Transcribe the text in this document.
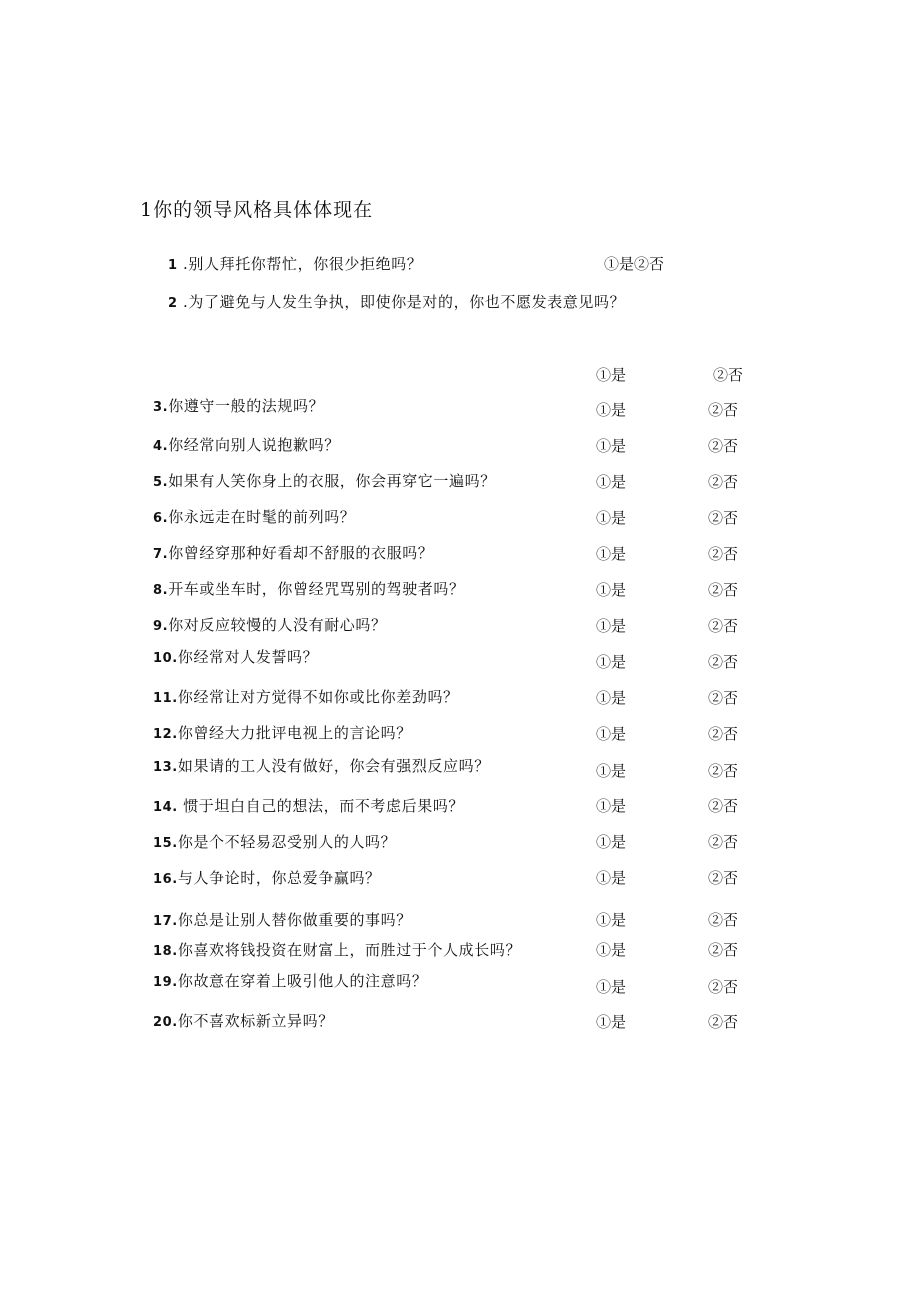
1你的领导风格具体体现在
1 .别人拜托你帮忙，你很少拒绝吗？	①是②否
2 .为了避免与人发生争执，即使你是对的，你也不愿发表意见吗？
①是	②否
3.你遵守一般的法规吗？	①是	②否
4.你经常向别人说抱歉吗？	①是	②否
5.如果有人笑你身上的衣服，你会再穿它一遍吗？	①是	②否
6.你永远走在时髦的前列吗？	①是	②否
7.你曾经穿那种好看却不舒服的衣服吗？	①是	②否
8.开车或坐车时，你曾经咒骂别的驾驶者吗？	①是	②否
9.你对反应较慢的人没有耐心吗？	①是	②否
10.你经常对人发誓吗？	①是	②否
11.你经常让对方觉得不如你或比你差劲吗？	①是	②否
12.你曾经大力批评电视上的言论吗？	①是	②否
13.如果请的工人没有做好，你会有强烈反应吗？	①是	②否
14. 惯于坦白自己的想法，而不考虑后果吗？	①是	②否
15.你是个不轻易忍受别人的人吗？	①是	②否
16.与人争论时，你总爱争赢吗？	①是	②否
17.你总是让别人替你做重要的事吗？	①是	②否
18.你喜欢将钱投资在财富上，而胜过于个人成长吗？	①是	②否
19.你故意在穿着上吸引他人的注意吗？	①是	②否
20.你不喜欢标新立异吗？	①是	②否
